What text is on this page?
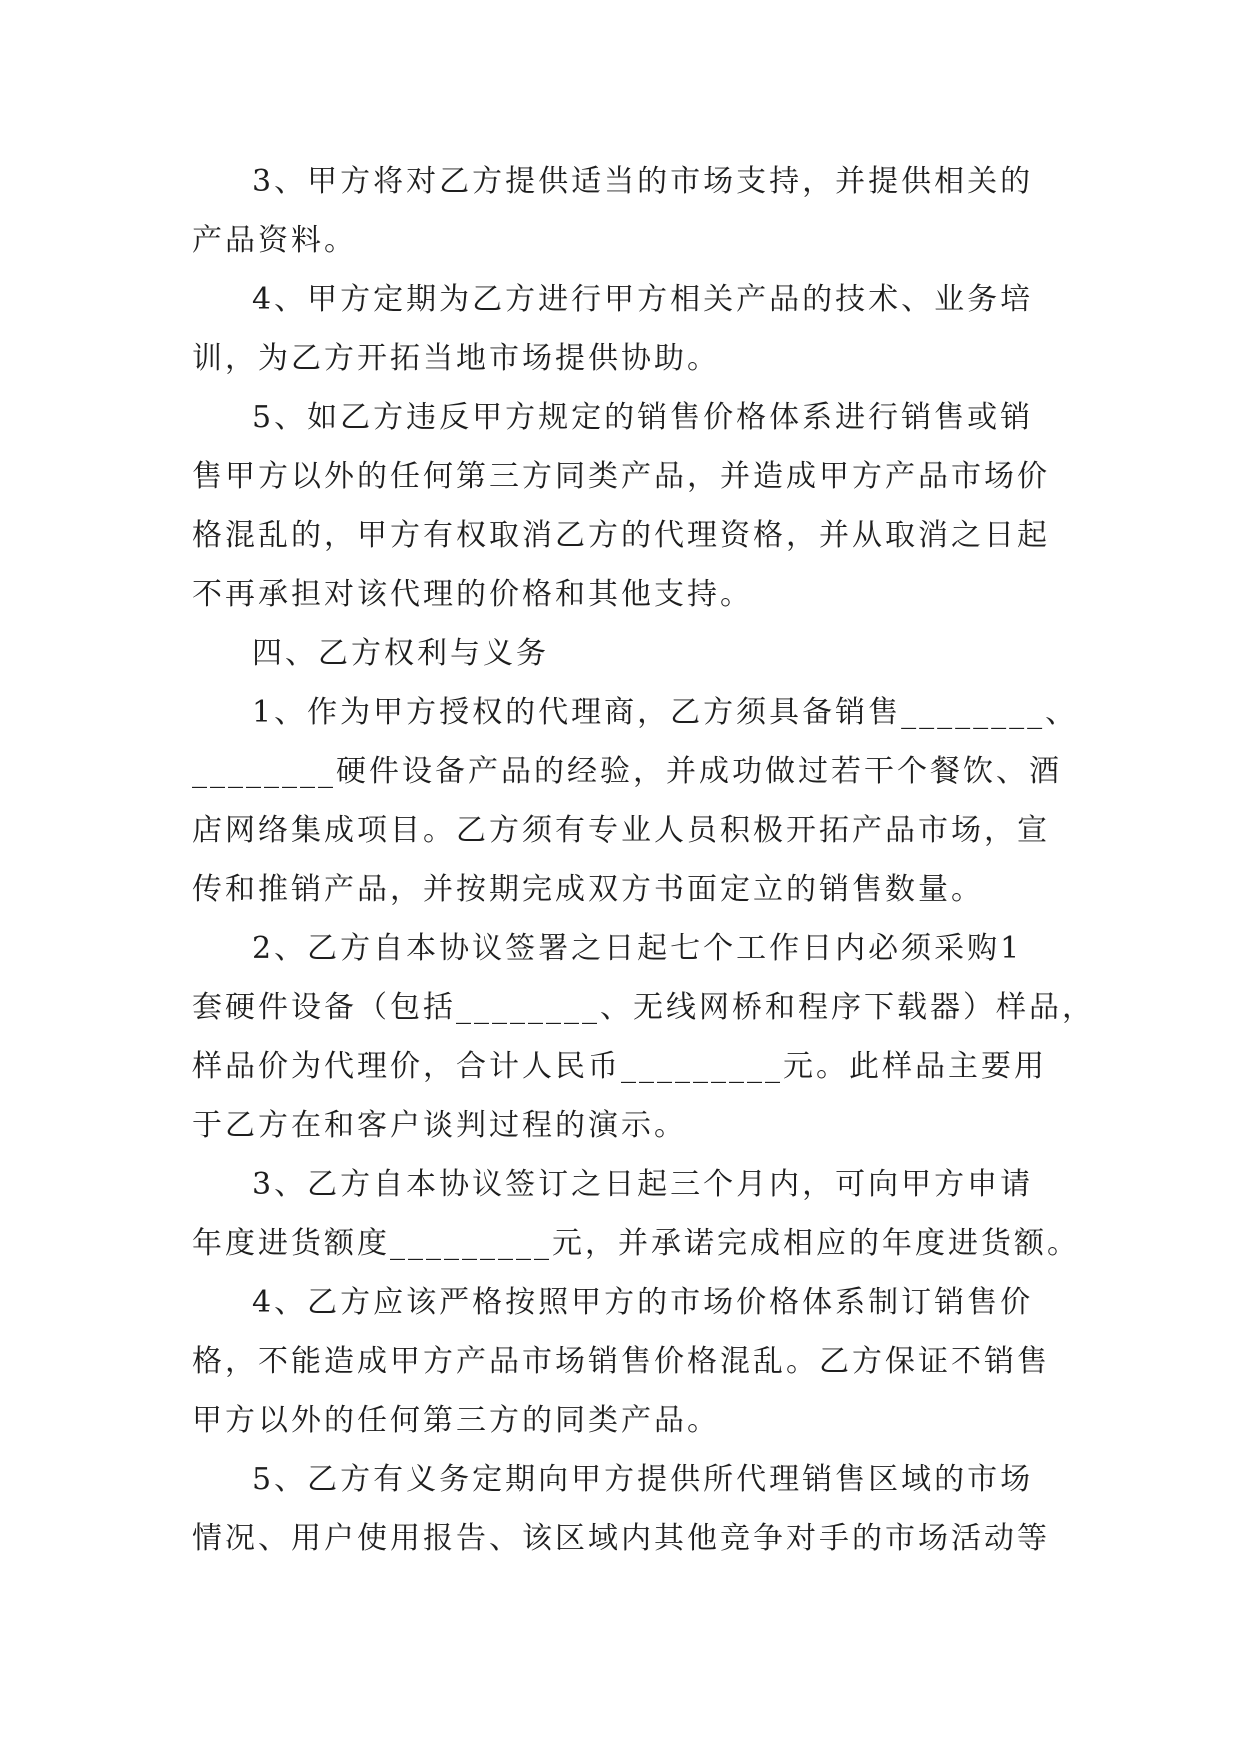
3、甲方将对乙方提供适当的市场支持，并提供相关的
产品资料。
4、甲方定期为乙方进行甲方相关产品的技术、业务培
训，为乙方开拓当地市场提供协助。
5、如乙方违反甲方规定的销售价格体系进行销售或销
售甲方以外的任何第三方同类产品，并造成甲方产品市场价
格混乱的，甲方有权取消乙方的代理资格，并从取消之日起
不再承担对该代理的价格和其他支持。
四、乙方权利与义务
1、作为甲方授权的代理商，乙方须具备销售________、
________硬件设备产品的经验，并成功做过若干个餐饮、酒
店网络集成项目。乙方须有专业人员积极开拓产品市场，宣
传和推销产品，并按期完成双方书面定立的销售数量。
2、乙方自本协议签署之日起七个工作日内必须采购1
套硬件设备（包括________、无线网桥和程序下载器）样品，
样品价为代理价，合计人民币_________元。此样品主要用
于乙方在和客户谈判过程的演示。
3、乙方自本协议签订之日起三个月内，可向甲方申请
年度进货额度_________元，并承诺完成相应的年度进货额。
4、乙方应该严格按照甲方的市场价格体系制订销售价
格，不能造成甲方产品市场销售价格混乱。乙方保证不销售
甲方以外的任何第三方的同类产品。
5、乙方有义务定期向甲方提供所代理销售区域的市场
情况、用户使用报告、该区域内其他竞争对手的市场活动等
